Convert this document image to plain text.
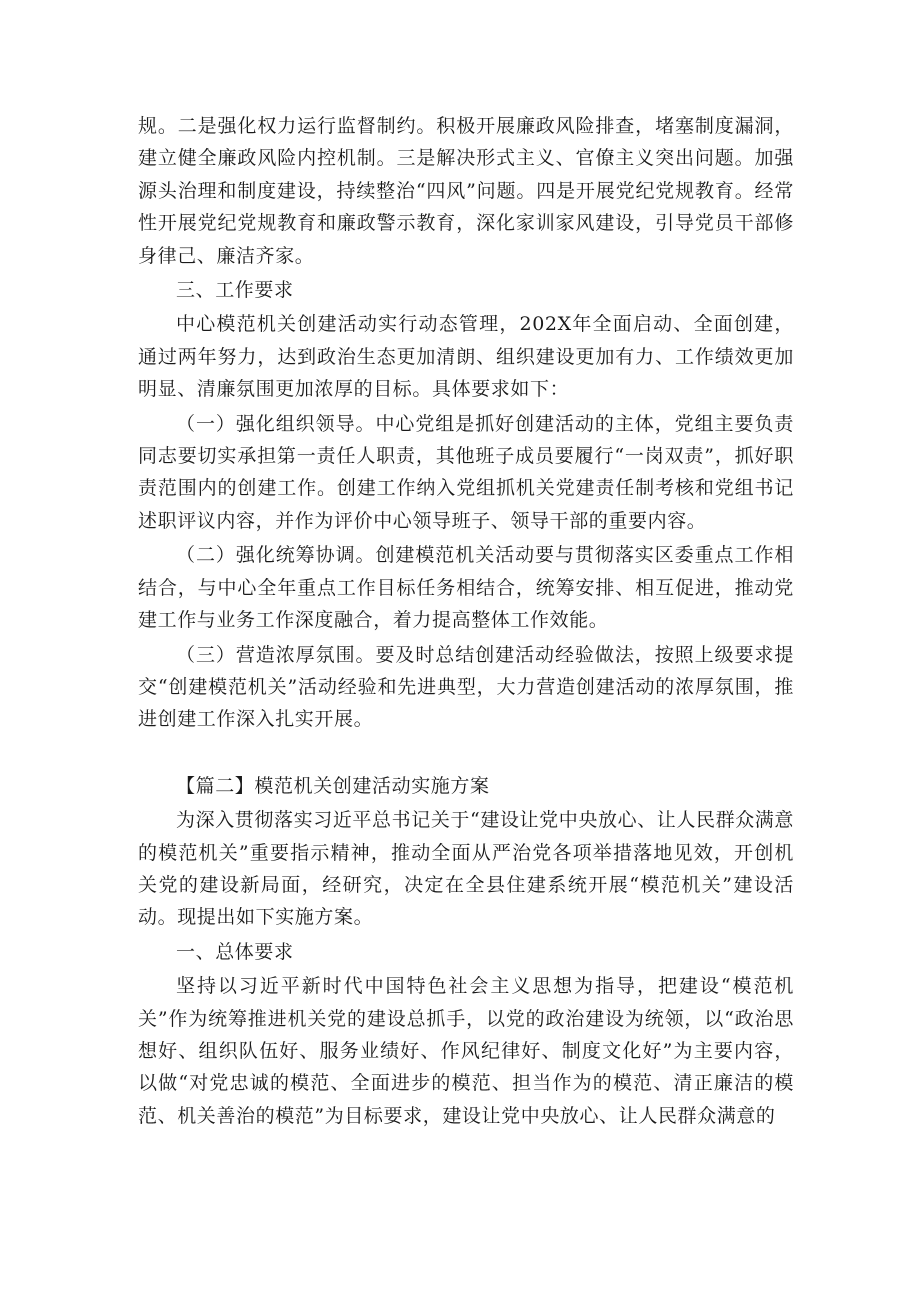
规。二是强化权力运行监督制约。积极开展廉政风险排查，堵塞制度漏洞，建立健全廉政风险内控机制。三是解决形式主义、官僚主义突出问题。加强源头治理和制度建设，持续整治“四风”问题。四是开展党纪党规教育。经常性开展党纪党规教育和廉政警示教育，深化家训家风建设，引导党员干部修身律己、廉洁齐家。

三、工作要求

中心模范机关创建活动实行动态管理，202X年全面启动、全面创建，通过两年努力，达到政治生态更加清朗、组织建设更加有力、工作绩效更加明显、清廉氛围更加浓厚的目标。具体要求如下：

（一）强化组织领导。中心党组是抓好创建活动的主体，党组主要负责同志要切实承担第一责任人职责，其他班子成员要履行“一岗双责”，抓好职责范围内的创建工作。创建工作纳入党组抓机关党建责任制考核和党组书记述职评议内容，并作为评价中心领导班子、领导干部的重要内容。

（二）强化统筹协调。创建模范机关活动要与贯彻落实区委重点工作相结合，与中心全年重点工作目标任务相结合，统筹安排、相互促进，推动党建工作与业务工作深度融合，着力提高整体工作效能。

（三）营造浓厚氛围。要及时总结创建活动经验做法，按照上级要求提交“创建模范机关”活动经验和先进典型，大力营造创建活动的浓厚氛围，推进创建工作深入扎实开展。

【篇二】模范机关创建活动实施方案

为深入贯彻落实习近平总书记关于“建设让党中央放心、让人民群众满意的模范机关”重要指示精神，推动全面从严治党各项举措落地见效，开创机关党的建设新局面，经研究，决定在全县住建系统开展“模范机关”建设活动。现提出如下实施方案。

一、总体要求

坚持以习近平新时代中国特色社会主义思想为指导，把建设“模范机关”作为统筹推进机关党的建设总抓手，以党的政治建设为统领，以“政治思想好、组织队伍好、服务业绩好、作风纪律好、制度文化好”为主要内容，以做“对党忠诚的模范、全面进步的模范、担当作为的模范、清正廉洁的模范、机关善治的模范”为目标要求，建设让党中央放心、让人民群众满意的
